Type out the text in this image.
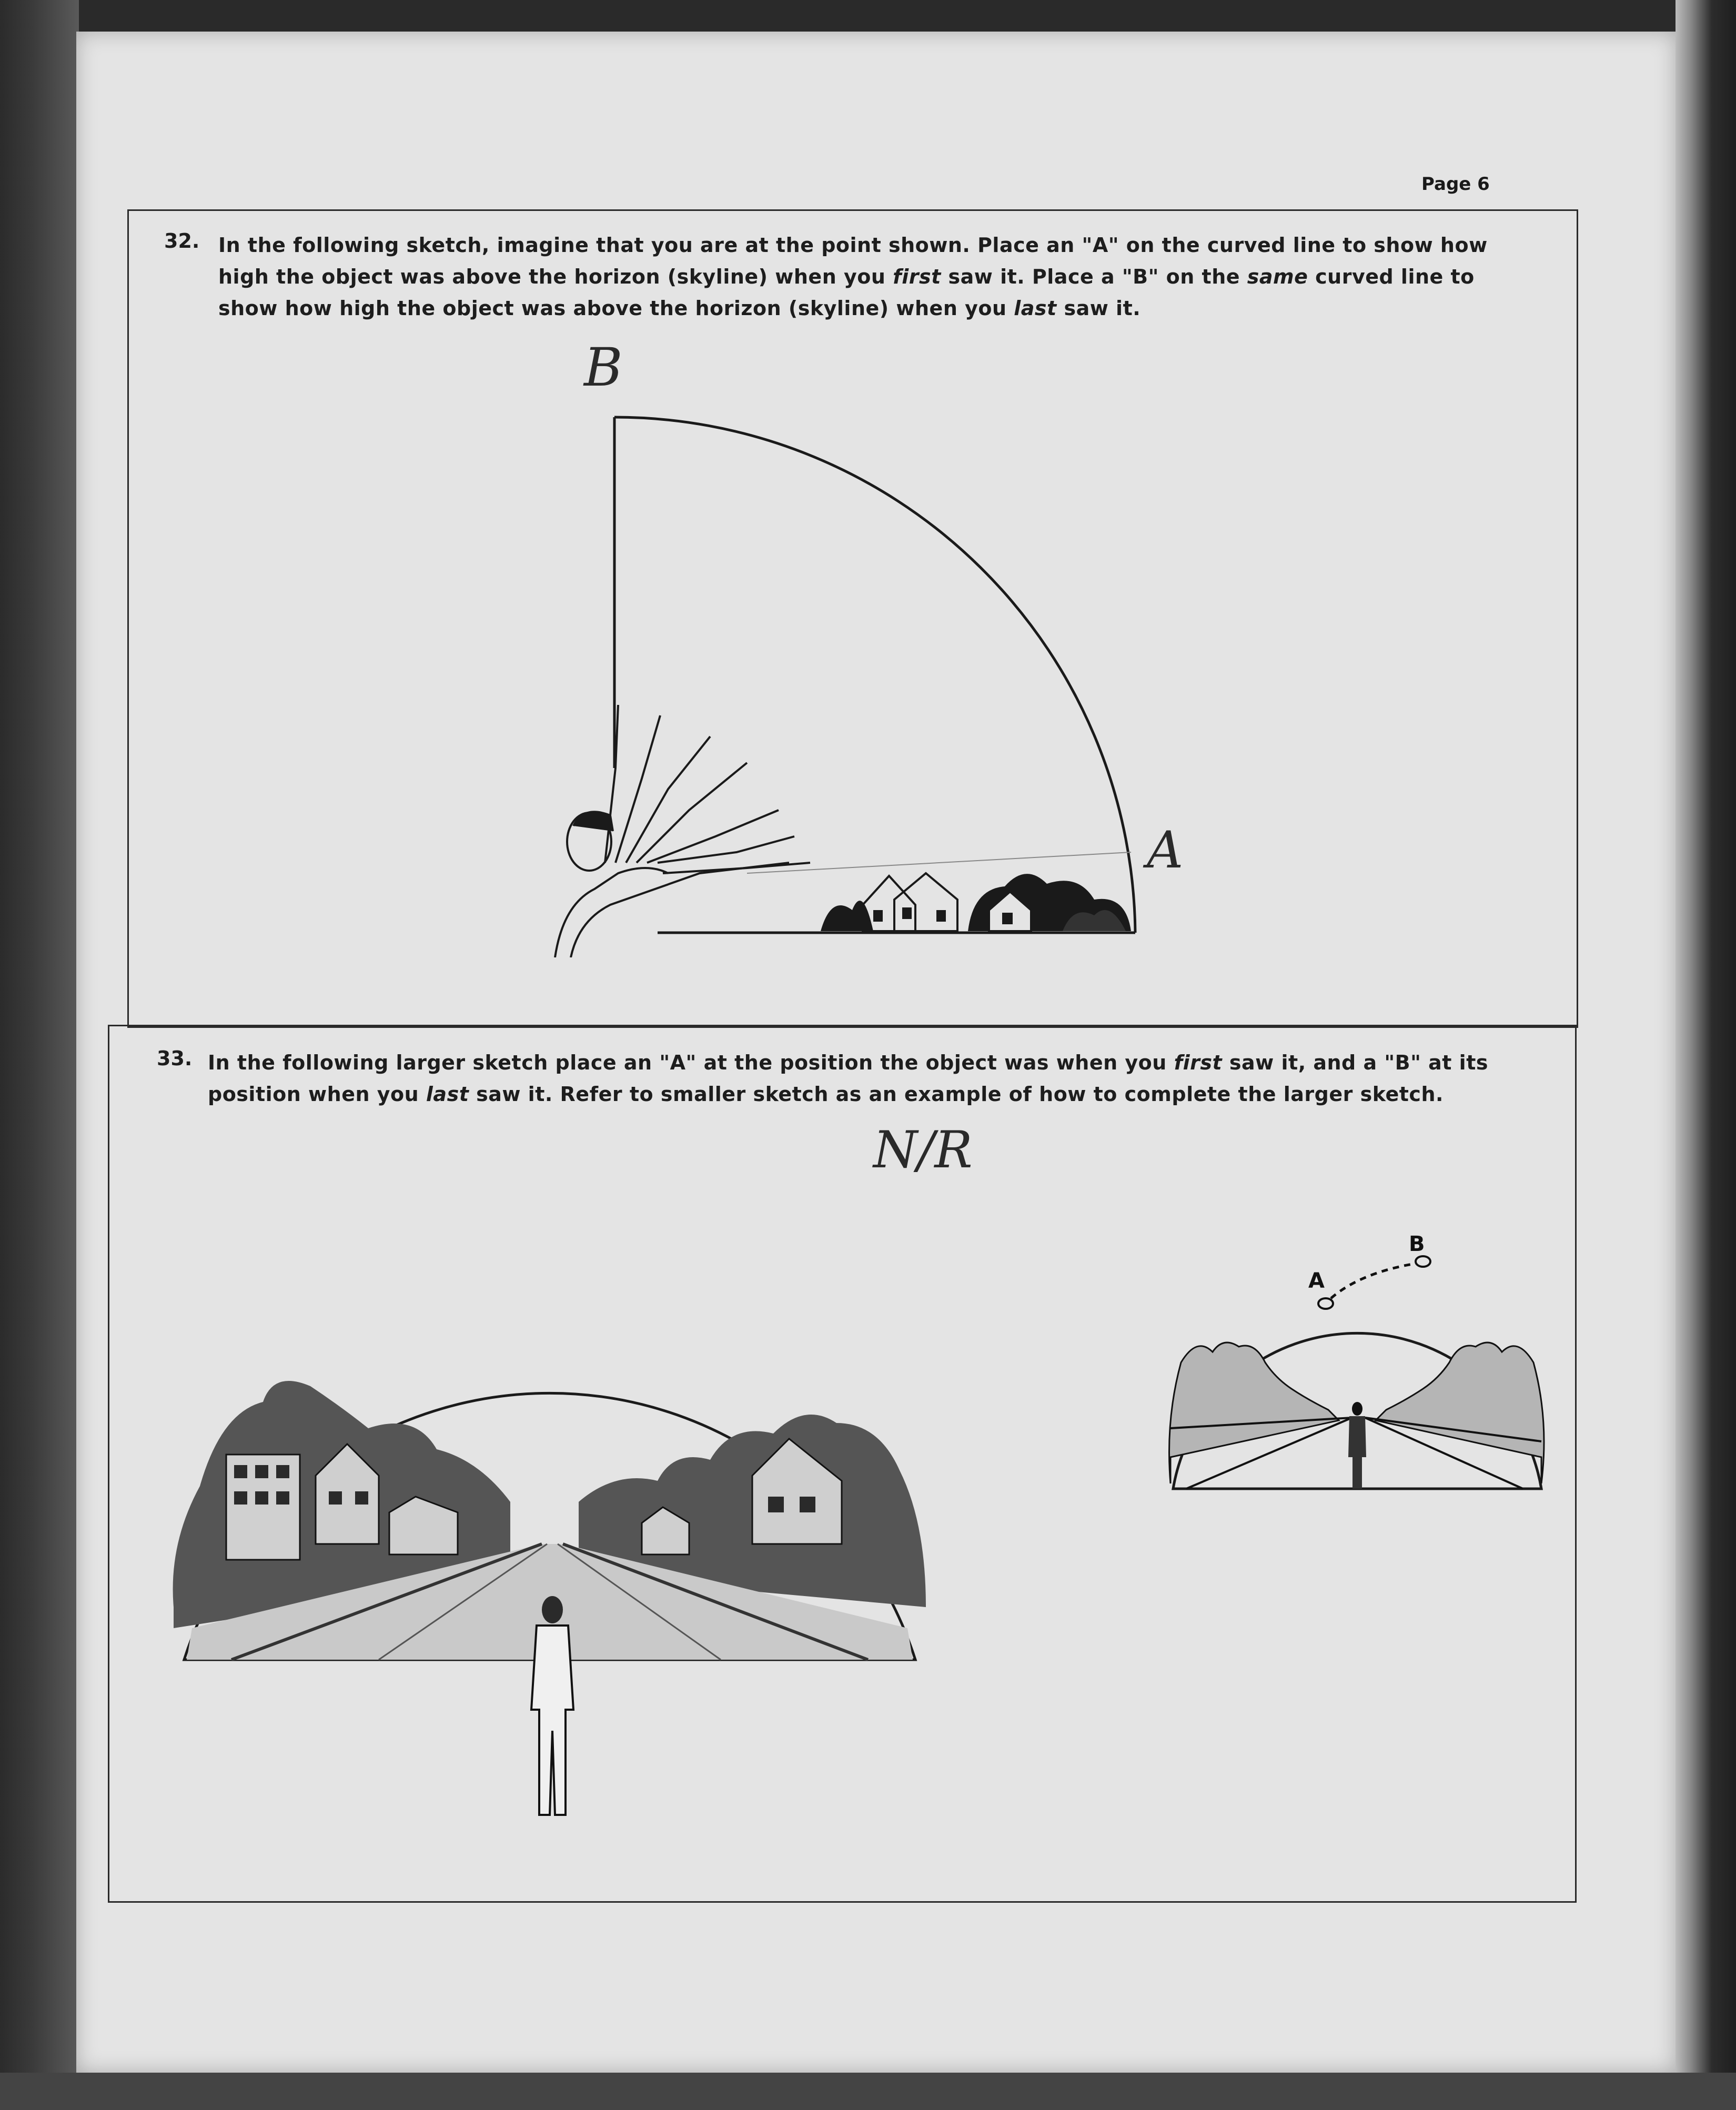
Page 6
32. In the following sketch, imagine that you are at the point shown. Place an "A" on the curved line to show how
high the object was above the horizon (skyline) when you first saw it. Place a "B" on the same curved line to
show how high the object was above the horizon (skyline) when you last saw it.
B
A
33. In the following larger sketch place an "A" at the position the object was when you first saw it, and a "B" at its
position when you last saw it. Refer to smaller sketch as an example of how to complete the larger sketch.
N/R
A
B
